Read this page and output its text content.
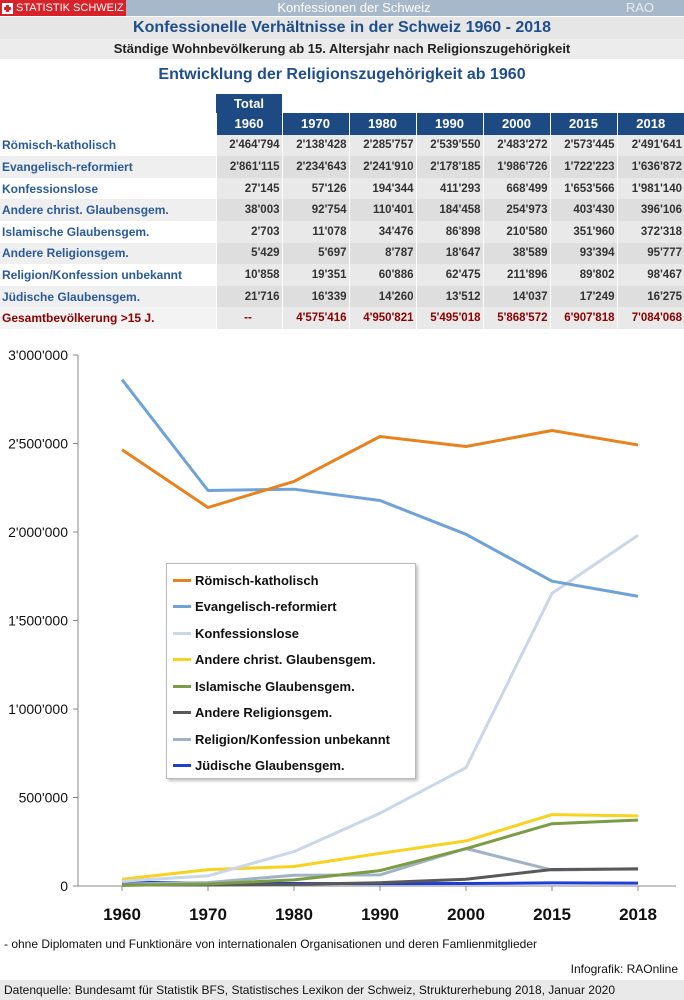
STATISTIK SCHWEIZ	Konfessionen der Schweiz	RAO
Konfessionelle Verhältnisse in der Schweiz 1960 - 2018
Ständige Wohnbevölkerung ab 15. Altersjahr nach Religionszugehörigkeit
Entwicklung der Religionszugehörigkeit ab 1960
Total
	1960	1970	1980	1990	2000	2015	2018
Römisch-katholisch	2'464'794	2'138'428	2'285'757	2'539'550	2'483'272	2'573'445	2'491'641
Evangelisch-reformiert	2'861'115	2'234'643	2'241'910	2'178'185	1'986'726	1'722'223	1'636'872
Konfessionslose	27'145	57'126	194'344	411'293	668'499	1'653'566	1'981'140
Andere christ. Glaubensgem.	38'003	92'754	110'401	184'458	254'973	403'430	396'106
Islamische Glaubensgem.	2'703	11'078	34'476	86'898	210'580	351'960	372'318
Andere Religionsgem.	5'429	5'697	8'787	18'647	38'589	93'394	95'777
Religion/Konfession unbekannt	10'858	19'351	60'886	62'475	211'896	89'802	98'467
Jüdische Glaubensgem.	21'716	16'339	14'260	13'512	14'037	17'249	16'275
Gesamtbevölkerung >15 J.	--	4'575'416	4'950'821	5'495'018	5'868'572	6'907'818	7'084'068
0
500'000
1'000'000
1'500'000
2'000'000
2'500'000
3'000'000
1960	1970	1980	1990	2000	2015	2018
Römisch-katholisch
Evangelisch-reformiert
Konfessionslose
Andere christ. Glaubensgem.
Islamische Glaubensgem.
Andere Religionsgem.
Religion/Konfession unbekannt
Jüdische Glaubensgem.
- ohne Diplomaten und Funktionäre von internationalen Organisationen und deren Famlienmitglieder
Infografik: RAOnline
Datenquelle: Bundesamt für Statistik BFS, Statistisches Lexikon der Schweiz, Strukturerhebung 2018, Januar 2020
